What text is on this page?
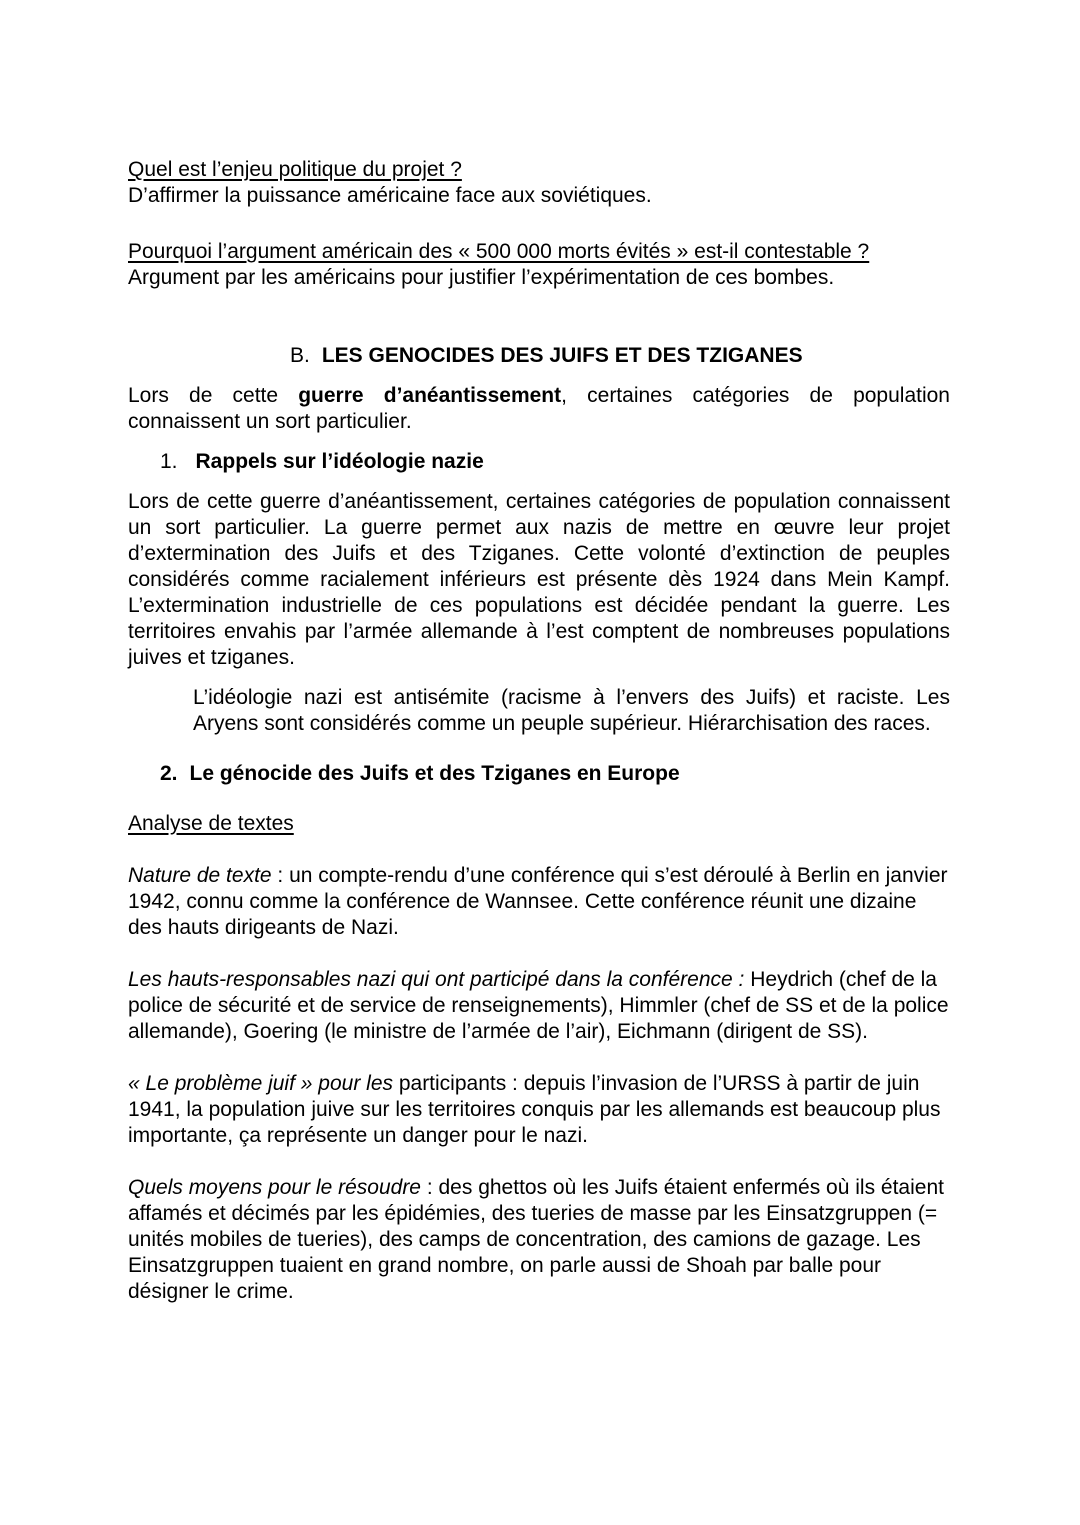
Quel est l’enjeu politique du projet ?

D’affirmer la puissance américaine face aux soviétiques.

Pourquoi l’argument américain des « 500 000 morts évités » est-il contestable ?

Argument par les américains pour justifier l’expérimentation de ces bombes.

B. LES GENOCIDES DES JUIFS ET DES TZIGANES

Lors de cette guerre d’anéantissement, certaines catégories de population connaissent un sort particulier.

1. Rappels sur l’idéologie nazie

Lors de cette guerre d’anéantissement, certaines catégories de population connaissent un sort particulier. La guerre permet aux nazis de mettre en œuvre leur projet d’extermination des Juifs et des Tziganes. Cette volonté d’extinction de peuples considérés comme racialement inférieurs est présente dès 1924 dans Mein Kampf. L’extermination industrielle de ces populations est décidée pendant la guerre. Les territoires envahis par l’armée allemande à l’est comptent de nombreuses populations juives et tziganes.

L’idéologie nazi est antisémite (racisme à l’envers des Juifs) et raciste. Les Aryens sont considérés comme un peuple supérieur. Hiérarchisation des races.

2. Le génocide des Juifs et des Tziganes en Europe

Analyse de textes

Nature de texte : un compte-rendu d’une conférence qui s’est déroulé à Berlin en janvier 1942, connu comme la conférence de Wannsee. Cette conférence réunit une dizaine des hauts dirigeants de Nazi.

Les hauts-responsables nazi qui ont participé dans la conférence : Heydrich (chef de la police de sécurité et de service de renseignements), Himmler (chef de SS et de la police allemande), Goering (le ministre de l’armée de l’air), Eichmann (dirigent de SS).

« Le problème juif » pour les participants : depuis l’invasion de l’URSS à partir de juin 1941, la population juive sur les territoires conquis par les allemands est beaucoup plus importante, ça représente un danger pour le nazi.

Quels moyens pour le résoudre : des ghettos où les Juifs étaient enfermés où ils étaient affamés et décimés par les épidémies, des tueries de masse par les Einsatzgruppen (= unités mobiles de tueries), des camps de concentration, des camions de gazage. Les Einsatzgruppen tuaient en grand nombre, on parle aussi de Shoah par balle pour désigner le crime.
